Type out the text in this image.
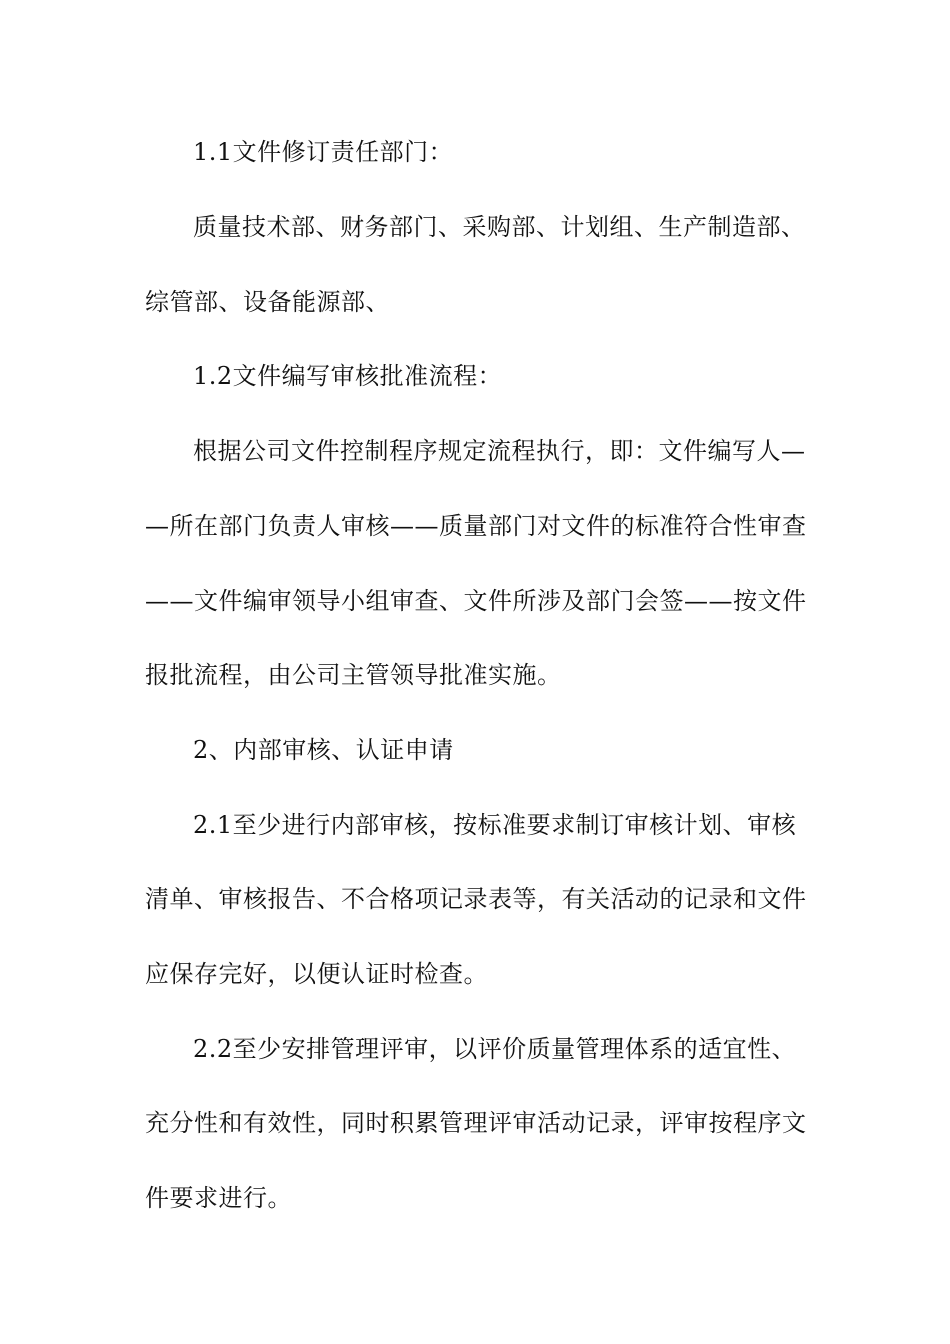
1.1文件修订责任部门：
质量技术部、财务部门、采购部、计划组、生产制造部、
综管部、设备能源部、
1.2文件编写审核批准流程：
根据公司文件控制程序规定流程执行，即：文件编写人—
—所在部门负责人审核——质量部门对文件的标准符合性审查
——文件编审领导小组审查、文件所涉及部门会签——按文件
报批流程，由公司主管领导批准实施。
2、内部审核、认证申请
2.1至少进行内部审核，按标准要求制订审核计划、审核
清单、审核报告、不合格项记录表等，有关活动的记录和文件
应保存完好，以便认证时检查。
2.2至少安排管理评审，以评价质量管理体系的适宜性、
充分性和有效性，同时积累管理评审活动记录，评审按程序文
件要求进行。
